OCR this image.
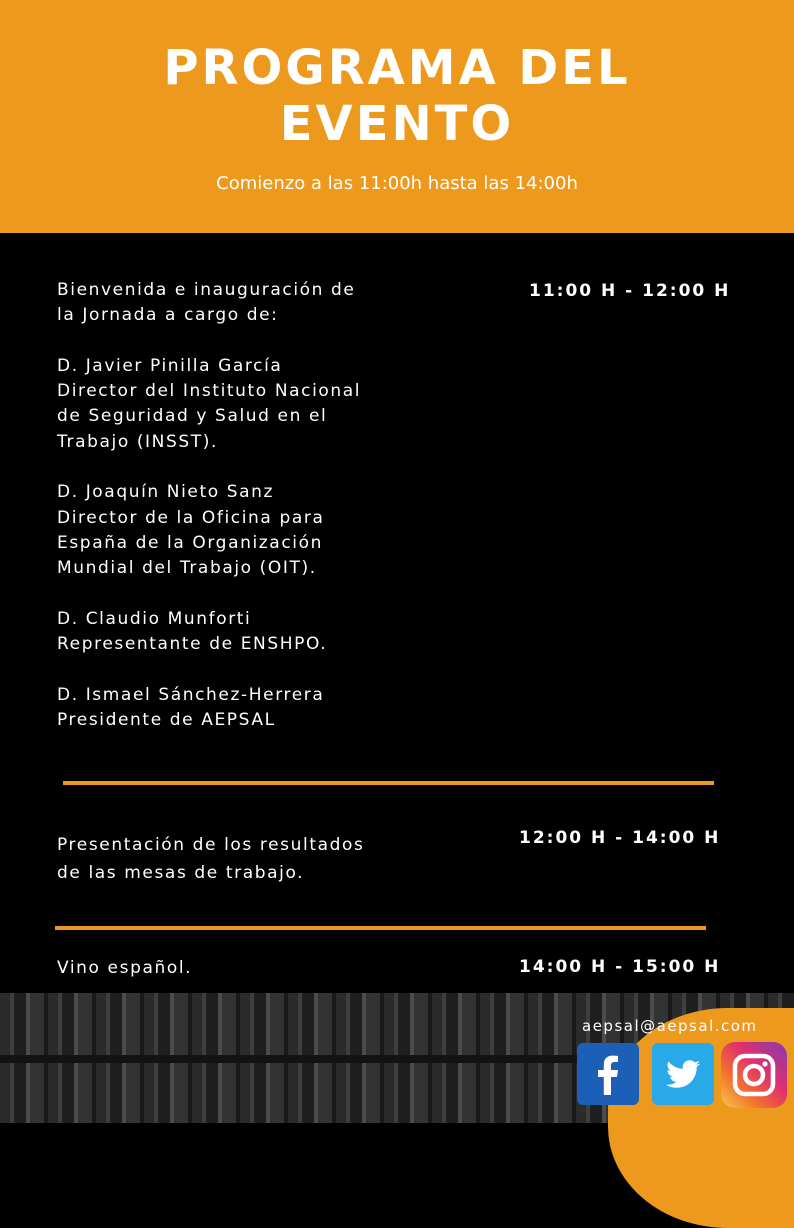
PROGRAMA DEL
EVENTO
Comienzo a las 11:00h hasta las 14:00h
Bienvenida e inauguración de
la Jornada a cargo de:

D. Javier Pinilla García
Director del Instituto Nacional
de Seguridad y Salud en el
Trabajo (INSST).

D. Joaquín Nieto Sanz
Director de la Oficina para
España de la Organización
Mundial del Trabajo (OIT).

D. Claudio Munforti
Representante de ENSHPO.

D. Ismael Sánchez-Herrera
Presidente de AEPSAL
11:00 H - 12:00 H
Presentación de los resultados
de las mesas de trabajo.
12:00 H - 14:00 H
Vino español.	14:00 H - 15:00 H
aepsal@aepsal.com
